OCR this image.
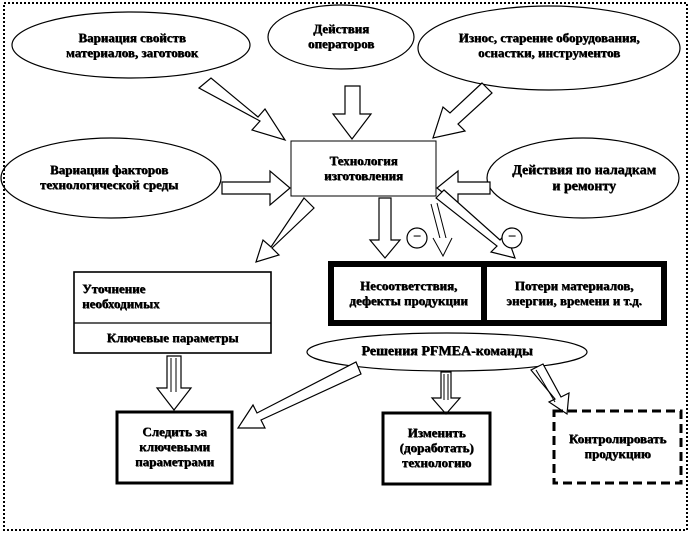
Вариация свойств материалов, заготовок
Действия операторов	Износ, старение оборудования, оснастки, инструментов
Вариации факторов технологической среды
Действия по наладкам и ремонту
Технология изготовления
Уточнение необходимых
Ключевые параметры
Несоответствия, дефекты продукции
Потери материалов, энергии, времени и т.д.
−	−
Решения PFMEA-команды
Следить за ключевыми параметрами
Изменить (доработать) технологию
Контролировать продукцию
